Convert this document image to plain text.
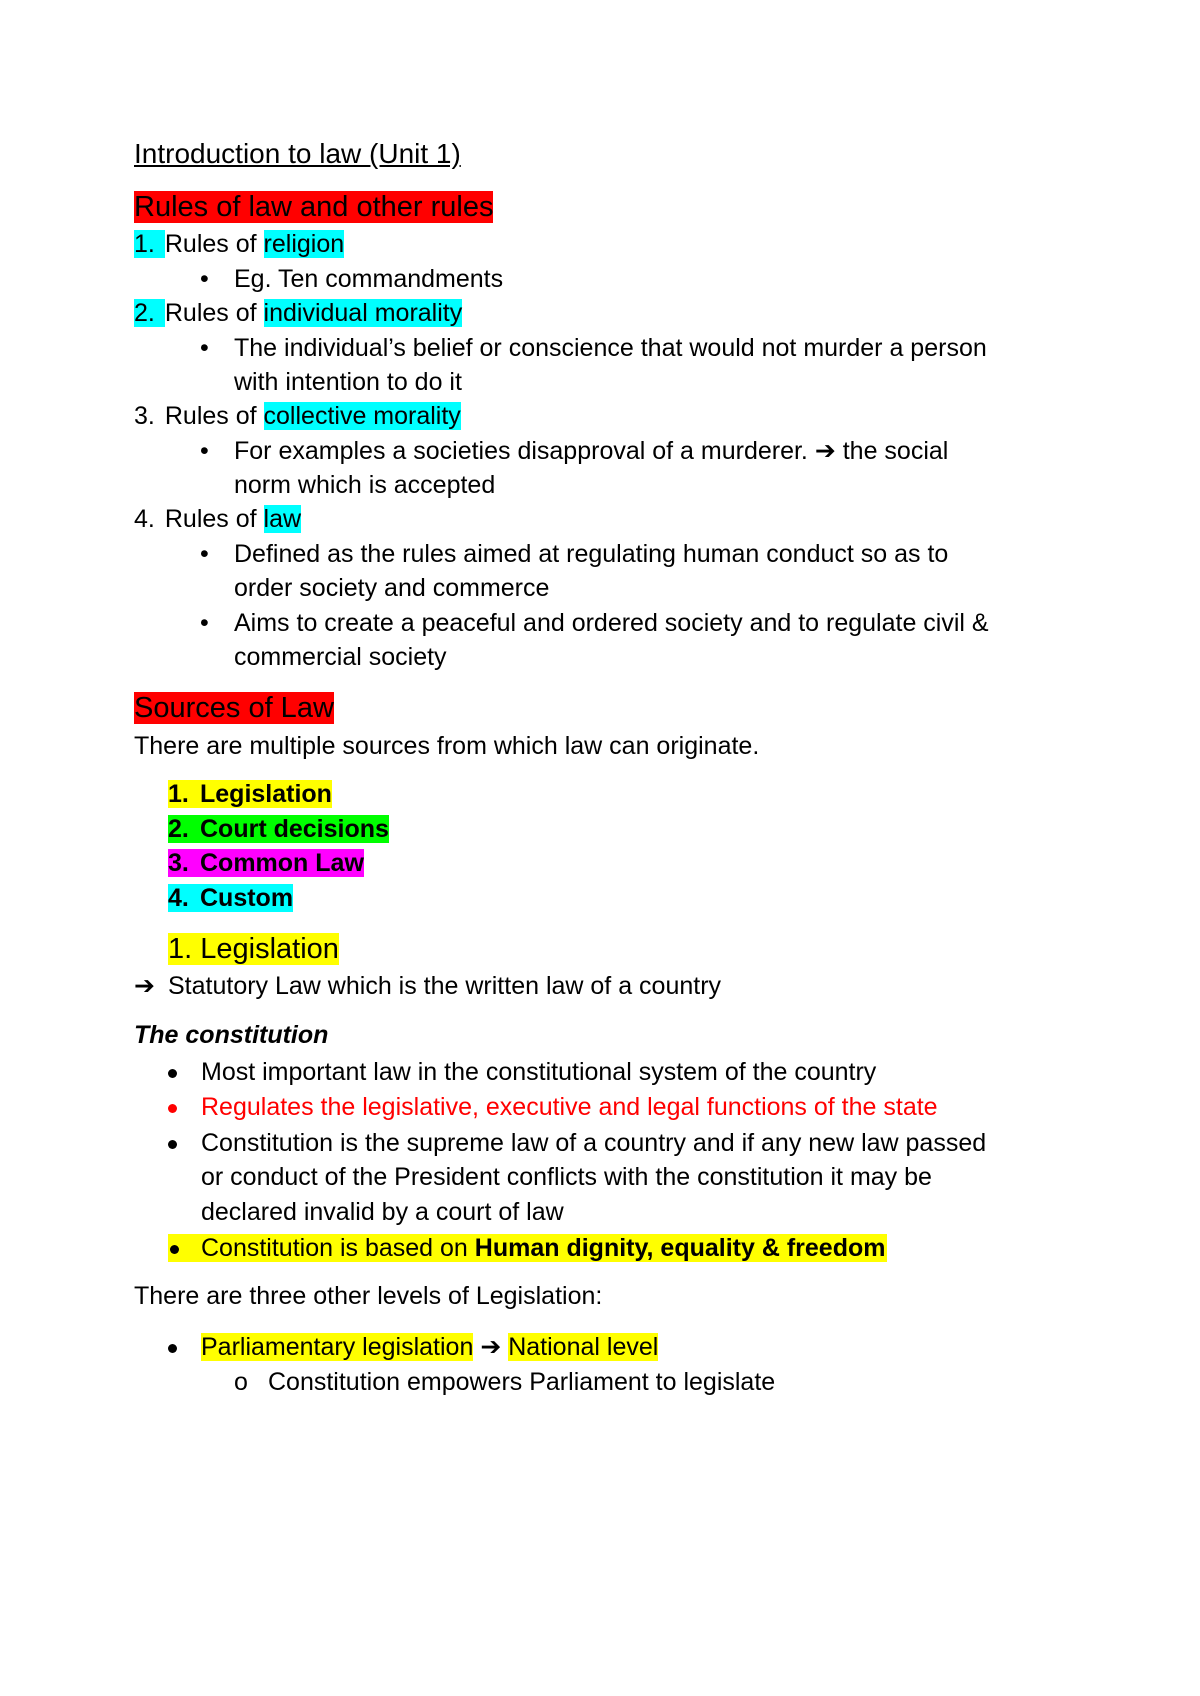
Introduction to law (Unit 1)
Rules of law and other rules
1. Rules of religion
• Eg. Ten commandments
2. Rules of individual morality
• The individual’s belief or conscience that would not murder a person
with intention to do it
3. Rules of collective morality
• For examples a societies disapproval of a murderer. ➔ the social
norm which is accepted
4. Rules of law
• Defined as the rules aimed at regulating human conduct so as to
order society and commerce
• Aims to create a peaceful and ordered society and to regulate civil &
commercial society
Sources of Law
There are multiple sources from which law can originate.
1. Legislation
2. Court decisions
3. Common Law
4. Custom
1. Legislation
➔ Statutory Law which is the written law of a country
The constitution
Most important law in the constitutional system of the country
Regulates the legislative, executive and legal functions of the state
Constitution is the supreme law of a country and if any new law passed
or conduct of the President conflicts with the constitution it may be
declared invalid by a court of law
Constitution is based on Human dignity, equality & freedom
There are three other levels of Legislation:
Parliamentary legislation ➔ National level
o Constitution empowers Parliament to legislate
